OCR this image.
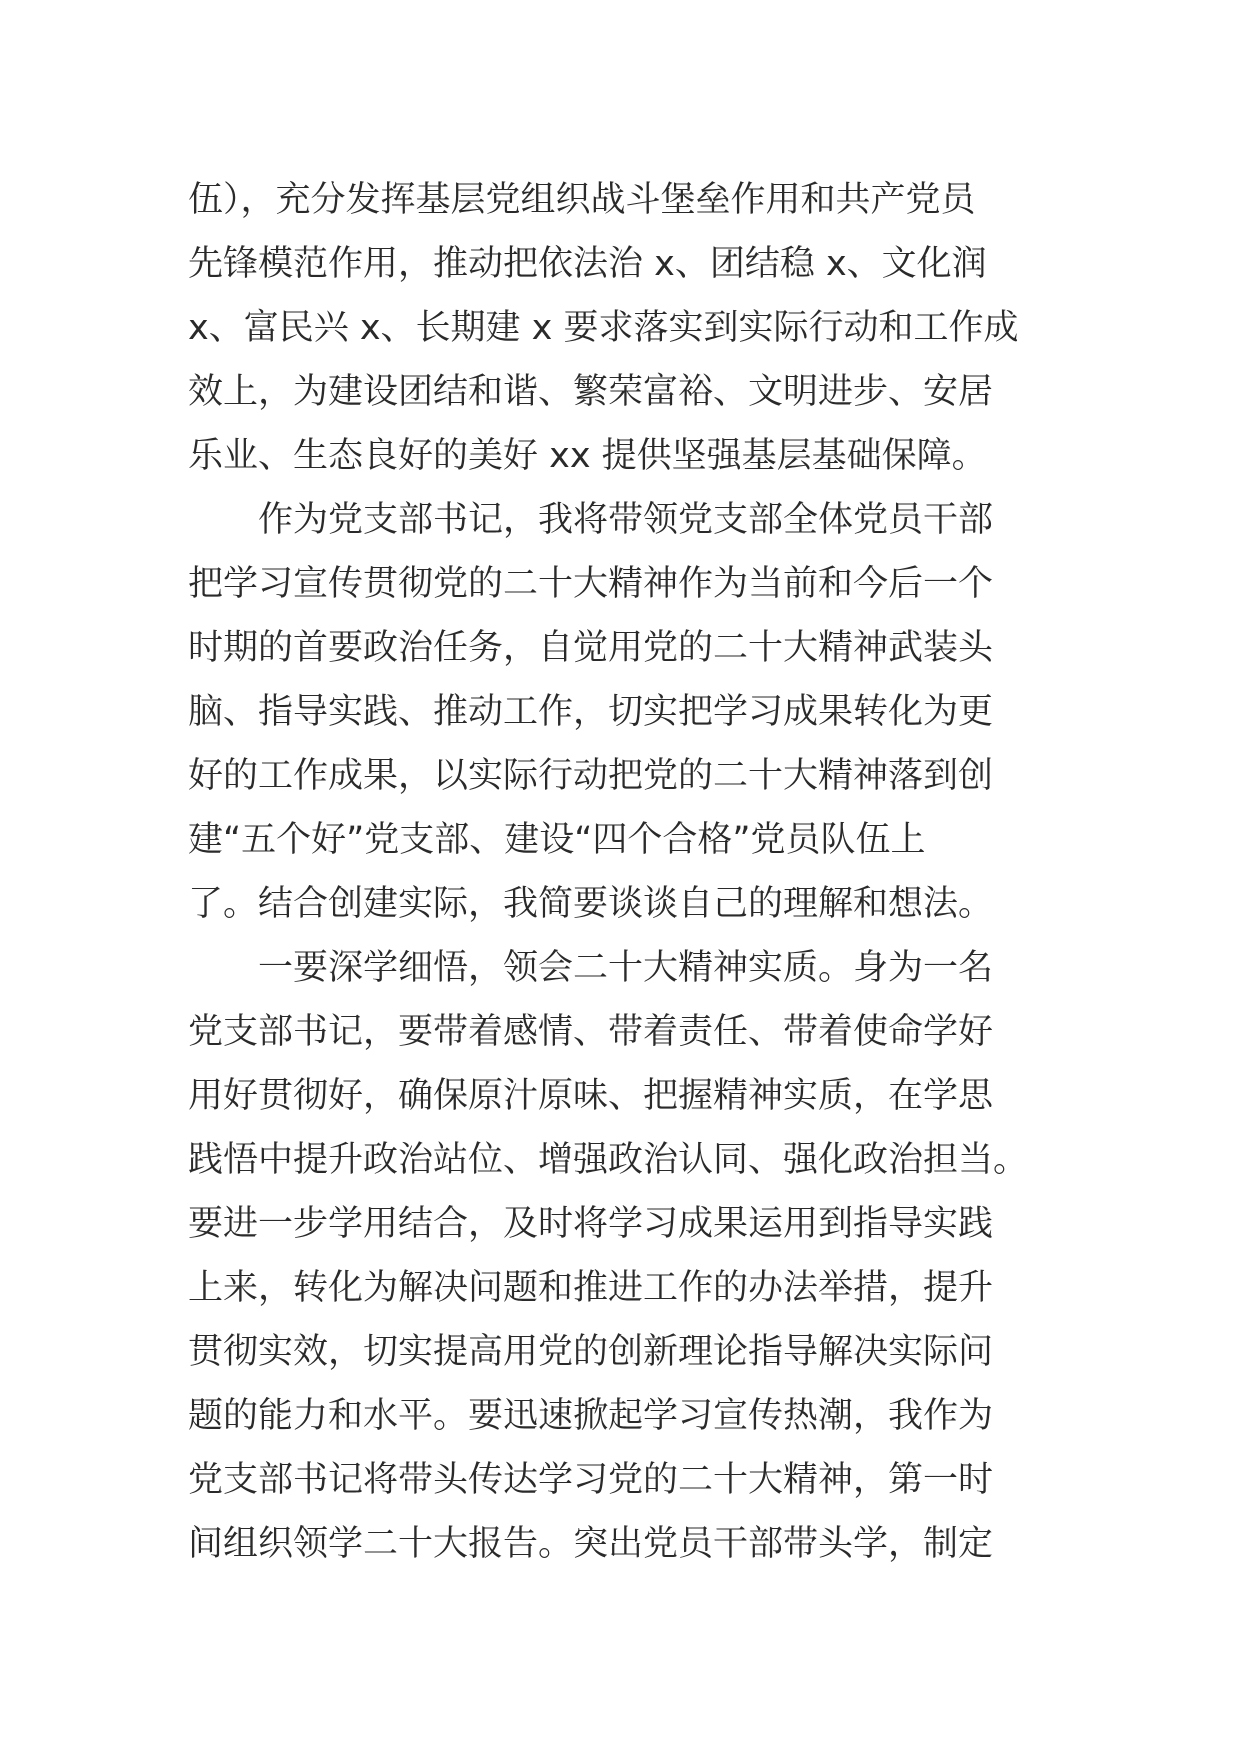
伍），充分发挥基层党组织战斗堡垒作用和共产党员
先锋模范作用，推动把依法治 x、团结稳 x、文化润
x、富民兴 x、长期建 x 要求落实到实际行动和工作成
效上，为建设团结和谐、繁荣富裕、文明进步、安居
乐业、生态良好的美好 xx 提供坚强基层基础保障。
作为党支部书记，我将带领党支部全体党员干部
把学习宣传贯彻党的二十大精神作为当前和今后一个
时期的首要政治任务，自觉用党的二十大精神武装头
脑、指导实践、推动工作，切实把学习成果转化为更
好的工作成果，以实际行动把党的二十大精神落到创
建“五个好”党支部、建设“四个合格”党员队伍上
了。结合创建实际，我简要谈谈自己的理解和想法。
一要深学细悟，领会二十大精神实质。身为一名
党支部书记，要带着感情、带着责任、带着使命学好
用好贯彻好，确保原汁原味、把握精神实质，在学思
践悟中提升政治站位、增强政治认同、强化政治担当。
要进一步学用结合，及时将学习成果运用到指导实践
上来，转化为解决问题和推进工作的办法举措，提升
贯彻实效，切实提高用党的创新理论指导解决实际问
题的能力和水平。要迅速掀起学习宣传热潮，我作为
党支部书记将带头传达学习党的二十大精神，第一时
间组织领学二十大报告。突出党员干部带头学，制定
